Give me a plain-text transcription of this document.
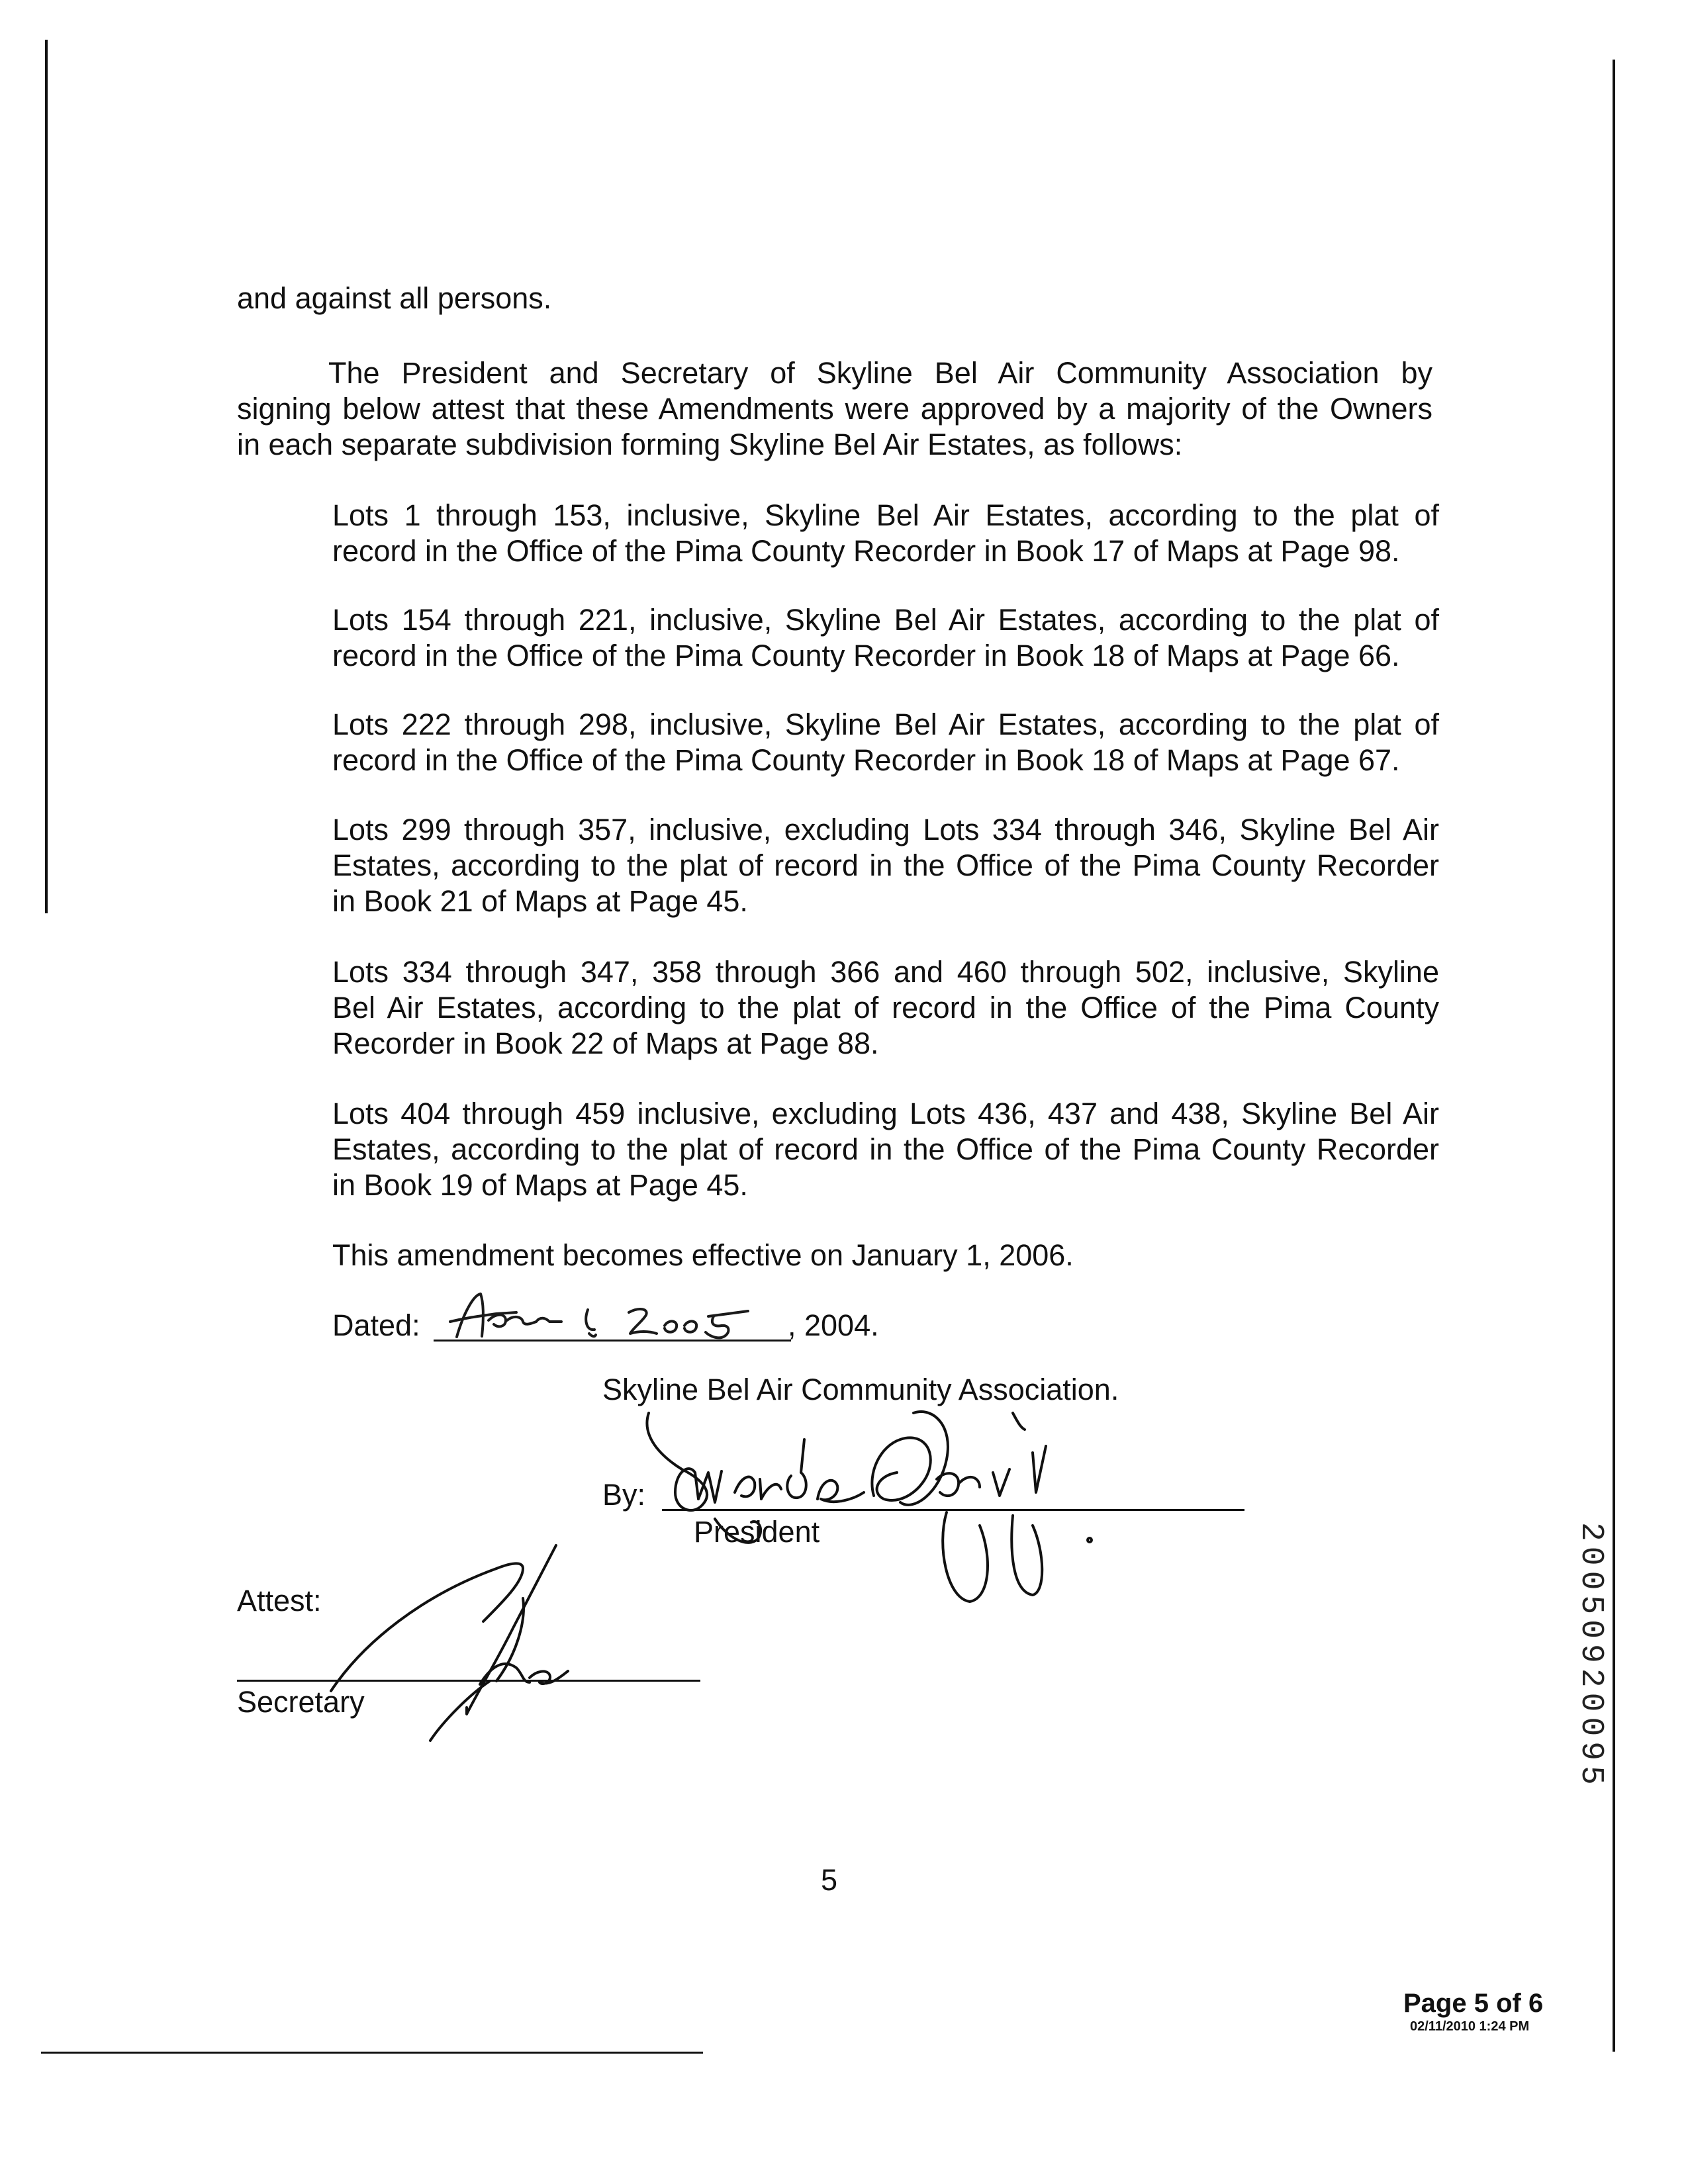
and against all persons.
The President and Secretary of Skyline Bel Air Community Association by
signing below attest that these Amendments were approved by a majority of the Owners
in each separate subdivision forming Skyline Bel Air Estates, as follows:
Lots 1 through 153, inclusive, Skyline Bel Air Estates, according to the plat of
record in the Office of the Pima County Recorder in Book 17 of Maps at Page 98.
Lots 154 through 221, inclusive, Skyline Bel Air Estates, according to the plat of
record in the Office of the Pima County Recorder in Book 18 of Maps at Page 66.
Lots 222 through 298, inclusive, Skyline Bel Air Estates, according to the plat of
record in the Office of the Pima County Recorder in Book 18 of Maps at Page 67.
Lots 299 through 357, inclusive, excluding Lots 334 through 346, Skyline Bel Air
Estates, according to the plat of record in the Office of the Pima County Recorder
in Book 21 of Maps at Page 45.
Lots 334 through 347, 358 through 366 and 460 through 502, inclusive, Skyline
Bel Air Estates, according to the plat of record in the Office of the Pima County
Recorder in Book 22 of Maps at Page 88.
Lots 404 through 459 inclusive, excluding Lots 436, 437 and 438, Skyline Bel Air
Estates, according to the plat of record in the Office of the Pima County Recorder
in Book 19 of Maps at Page 45.
This amendment becomes effective on January 1, 2006.
Dated:	, 2004.
Skyline Bel Air Community Association.
By:
President
Attest:
Secretary
5
20050920095
Page 5 of 6
02/11/2010 1:24 PM
